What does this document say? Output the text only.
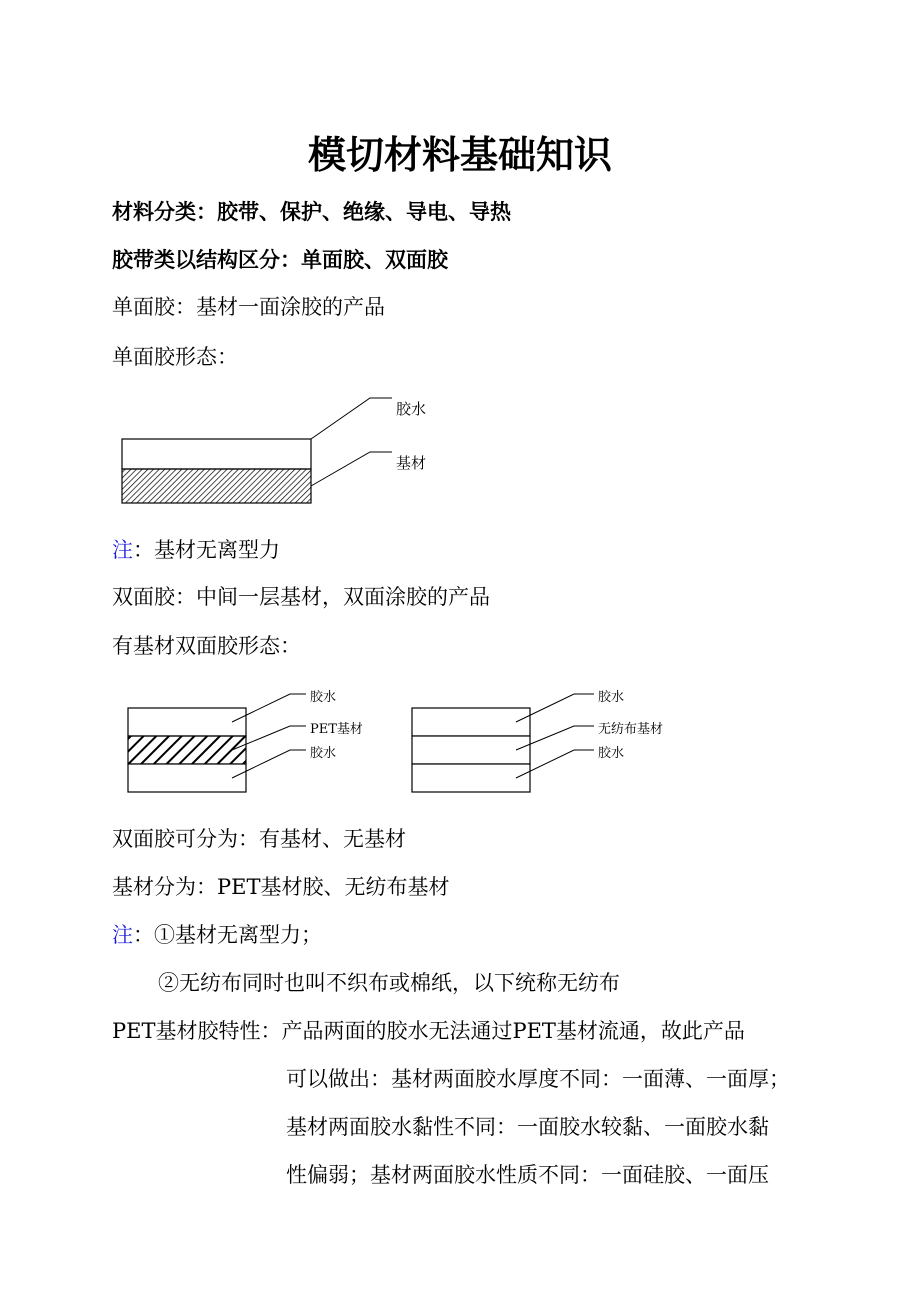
模切材料基础知识
材料分类：胶带、保护、绝缘、导电、导热
胶带类以结构区分：单面胶、双面胶
单面胶：基材一面涂胶的产品
单面胶形态：
胶水
基材
注：基材无离型力
双面胶：中间一层基材，双面涂胶的产品
有基材双面胶形态：
胶水
PET基材
胶水
胶水
无纺布基材
胶水
双面胶可分为：有基材、无基材
基材分为：PET基材胶、无纺布基材
注：①基材无离型力；
②无纺布同时也叫不织布或棉纸，以下统称无纺布
PET基材胶特性：产品两面的胶水无法通过PET基材流通，故此产品
可以做出：基材两面胶水厚度不同：一面薄、一面厚；
基材两面胶水黏性不同：一面胶水较黏、一面胶水黏
性偏弱；基材两面胶水性质不同：一面硅胶、一面压
